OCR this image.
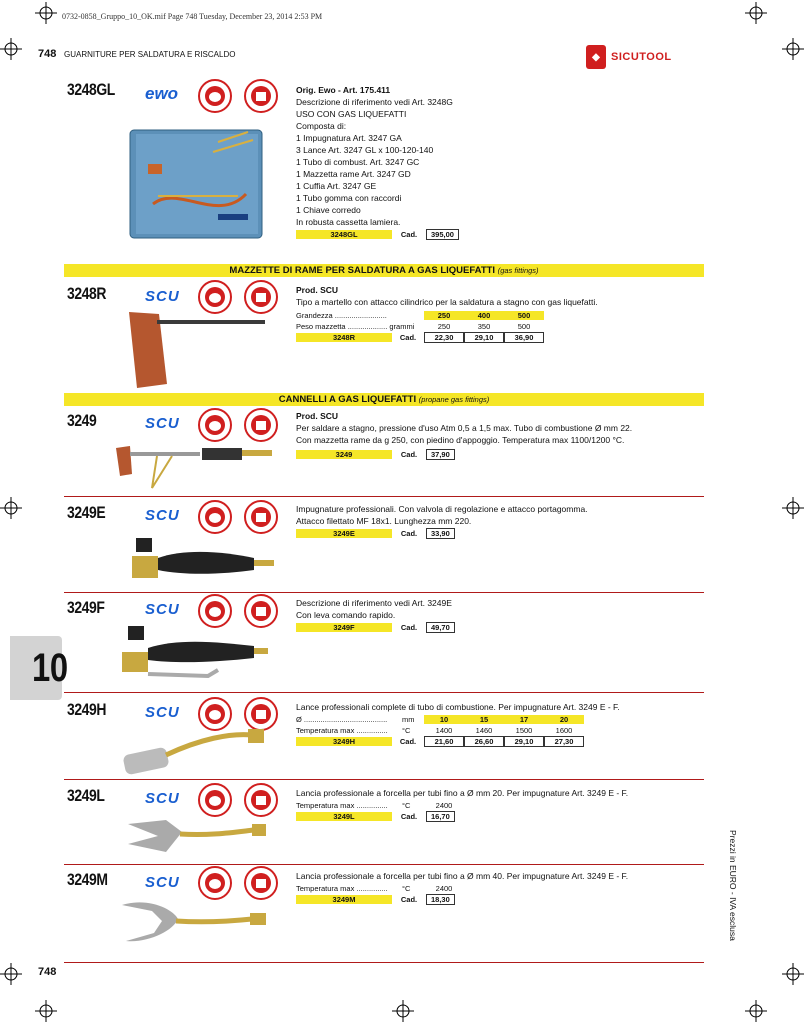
0732-0858_Gruppo_10_OK.mif Page 748 Tuesday, December 23, 2014 2:53 PM
748 GUARNITURE PER SALDATURA E RISCALDO	◆	SICUTOOL
10
Prezzi in EURO - IVA esclusa
3248GL ewo	Orig. Ewo - Art. 175.411
Descrizione di riferimento vedi Art. 3248G
USO CON GAS LIQUEFATTI
Composta di:
1 Impugnatura Art. 3247 GA
3 Lance Art. 3247 GL x 100-120-140
1 Tubo di combust. Art. 3247 GC
1 Mazzetta rame Art. 3247 GD
1 Cuffia Art. 3247 GE
1 Tubo gomma con raccordi
1 Chiave corredo
In robusta cassetta lamiera.
3248GL	Cad.	395,00
MAZZETTE DI RAME PER SALDATURA A GAS LIQUEFATTI (gas fittings)
3248R	SCU	Prod. SCU
Tipo a martello con attacco cilindrico per la saldatura a stagno con gas liquefatti.
Grandezza .........................	250	400	500
Peso mazzetta ................... grammi	250	350	500
3248R	Cad.	22,30	29,10	36,90
CANNELLI A GAS LIQUEFATTI (propane gas fittings)
3249	SCU	Prod. SCU
Per saldare a stagno, pressione d'uso Atm 0,5 a 1,5 max. Tubo di combustione Ø mm 22.
Con mazzetta rame da g 250, con piedino d'appoggio. Temperatura max 1100/1200 °C.
3249	Cad.	37,90
3249E	SCU	Impugnature professionali. Con valvola di regolazione e attacco portagomma.
Attacco filettato MF 18x1. Lunghezza mm 220.
3249E	Cad.	33,90
3249F	SCU	Descrizione di riferimento vedi Art. 3249E
Con leva comando rapido.
3249F	Cad.	49,70
3249H	SCU	Lance professionali complete di tubo di combustione. Per impugnature Art. 3249 E - F.
Ø ........................................	mm	10	15	17	20
Temperatura max ...............	°C	1400	1460	1500	1600
3249H	Cad.	21,60	26,60	29,10	27,30
3249L	SCU	Lancia professionale a forcella per tubi fino a Ø mm 20. Per impugnature Art. 3249 E - F.
Temperatura max ...............	°C	2400
3249L	Cad.	16,70
3249M SCU	Lancia professionale a forcella per tubi fino a Ø mm 40. Per impugnature Art. 3249 E - F.
Temperatura max ...............	°C	2400
3249M	Cad.	18,30
748
